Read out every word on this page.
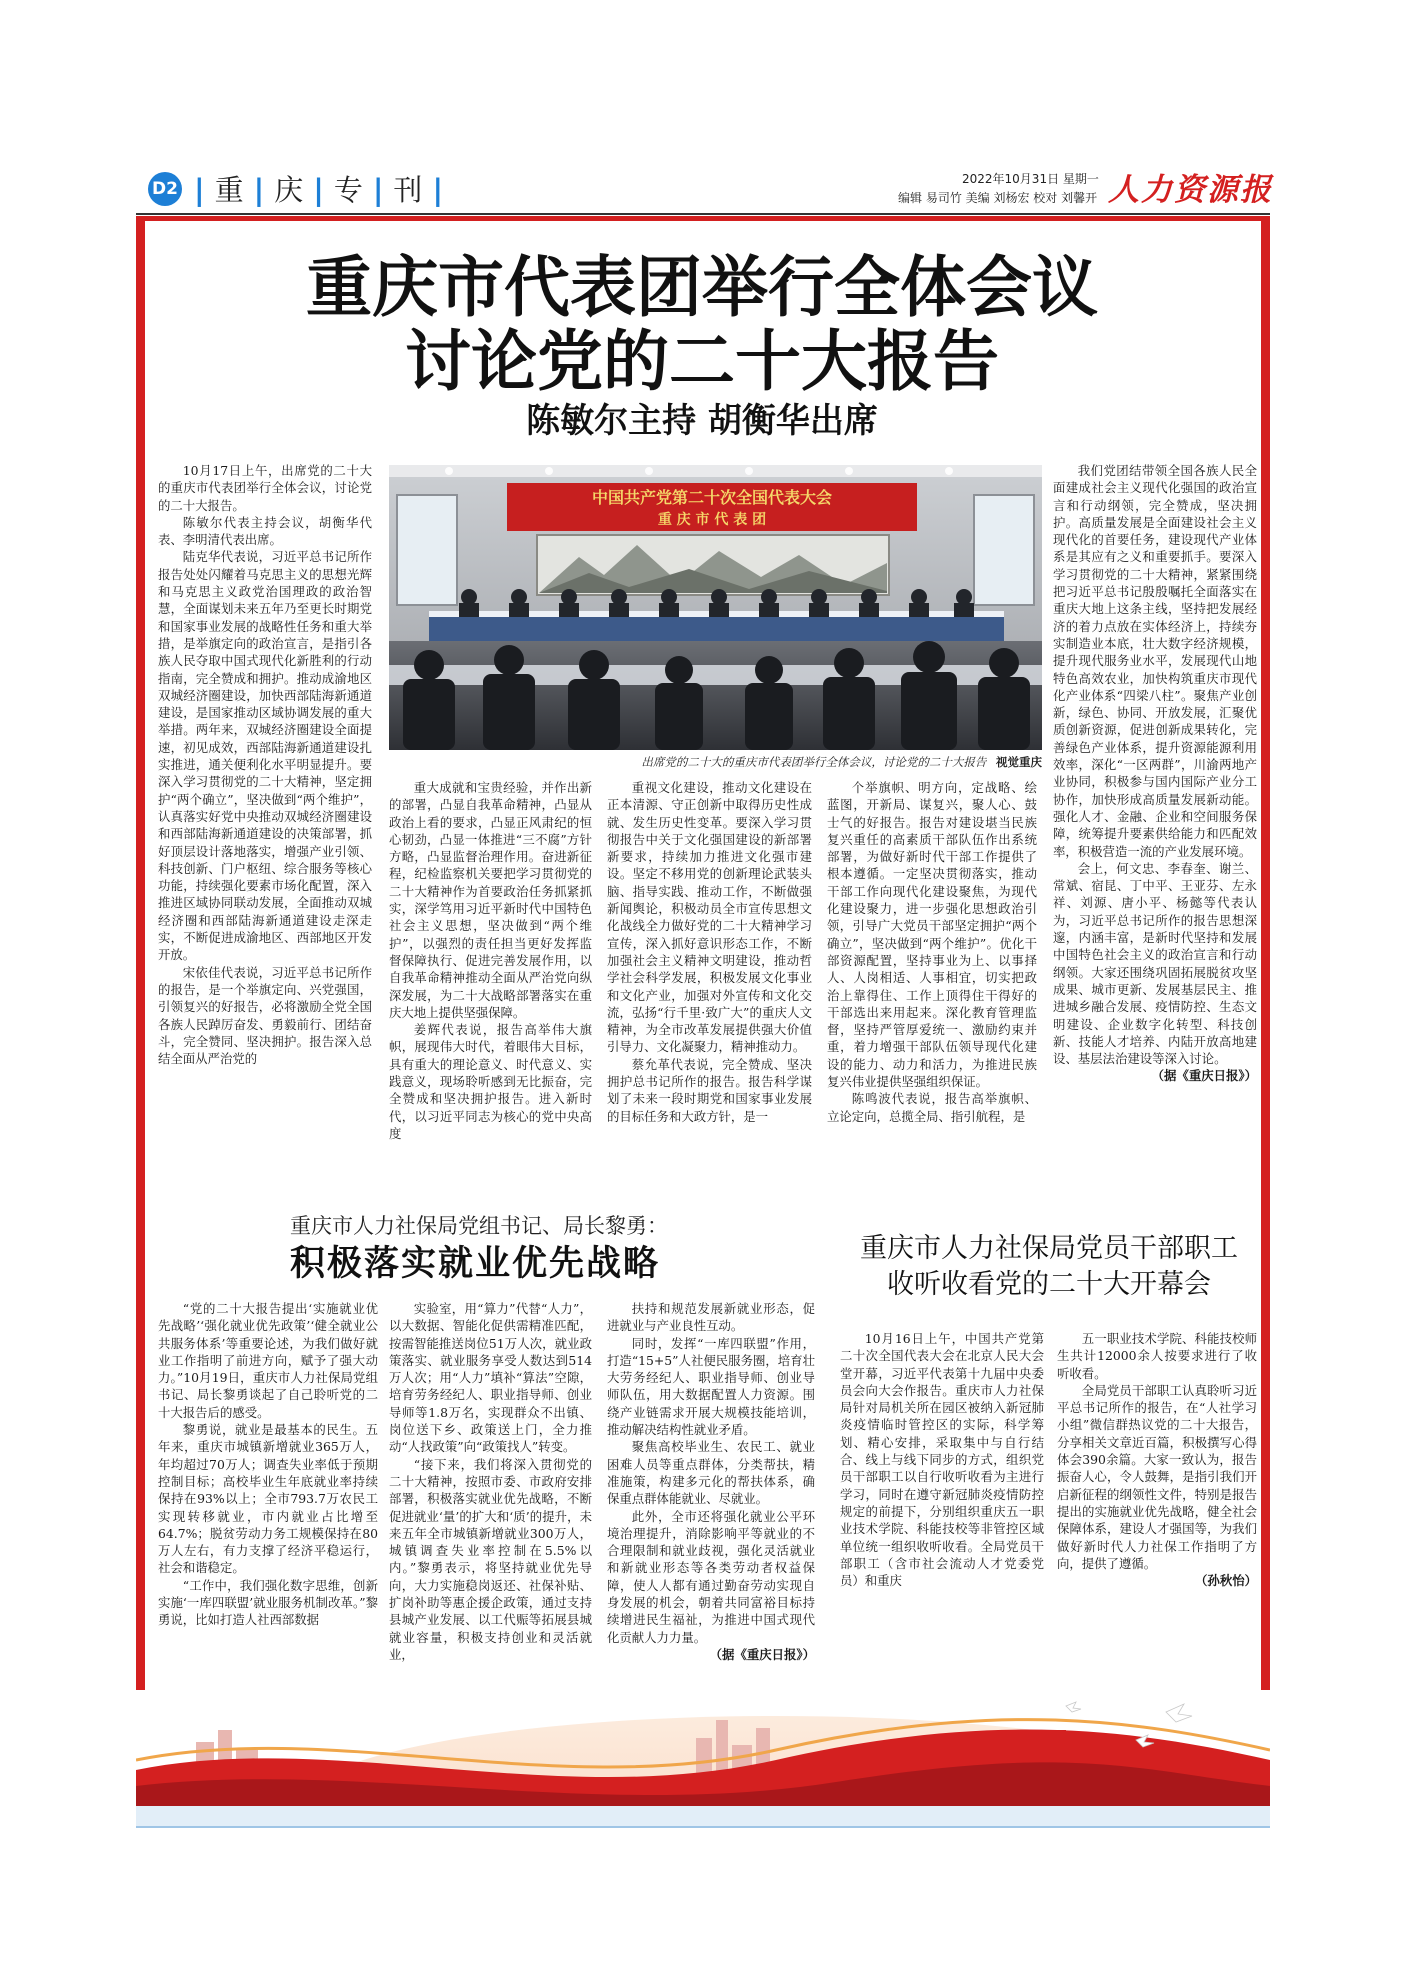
D2 | 重 | 庆 | 专 | 刊 |	2022年10月31日 星期一
编辑 易司竹 美编 刘杨宏 校对 刘馨开 人力资源报
重庆市代表团举行全体会议
讨论党的二十大报告
陈敏尔主持 胡衡华出席

10月17日上午，出席党的二十大的重庆市代表团举行全体会议，讨论党的二十大报告。

陈敏尔代表主持会议，胡衡华代表、李明清代表出席。

陆克华代表说，习近平总书记所作报告处处闪耀着马克思主义的思想光辉和马克思主义政党治国理政的政治智慧，全面谋划未来五年乃至更长时期党和国家事业发展的战略性任务和重大举措，是举旗定向的政治宣言，是指引各族人民夺取中国式现代化新胜利的行动指南，完全赞成和拥护。推动成渝地区双城经济圈建设，加快西部陆海新通道建设，是国家推动区域协调发展的重大举措。两年来，双城经济圈建设全面提速，初见成效，西部陆海新通道建设扎实推进，通关便利化水平明显提升。要深入学习贯彻党的二十大精神，坚定拥护“两个确立”，坚决做到“两个维护”，认真落实好党中央推动双城经济圈建设和西部陆海新通道建设的决策部署，抓好顶层设计落地落实，增强产业引领、科技创新、门户枢纽、综合服务等核心功能，持续强化要素市场化配置，深入推进区域协同联动发展，全面推动双城经济圈和西部陆海新通道建设走深走实，不断促进成渝地区、西部地区开发开放。

宋依佳代表说，习近平总书记所作的报告，是一个举旗定向、兴党强国，引领复兴的好报告，必将激励全党全国各族人民踔厉奋发、勇毅前行、团结奋斗，完全赞同、坚决拥护。报告深入总结全面从严治党的

中国共产党第二十次全国代表大会
重 庆 市 代 表 团
出席党的二十大的重庆市代表团举行全体会议，讨论党的二十大报告 视觉重庆

重大成就和宝贵经验，并作出新的部署，凸显自我革命精神，凸显从政治上看的要求，凸显正风肃纪的恒心韧劲，凸显一体推进“三不腐”方针方略，凸显监督治理作用。奋进新征程，纪检监察机关要把学习贯彻党的二十大精神作为首要政治任务抓紧抓实，深学笃用习近平新时代中国特色社会主义思想，坚决做到“两个维护”，以强烈的责任担当更好发挥监督保障执行、促进完善发展作用，以自我革命精神推动全面从严治党向纵深发展，为二十大战略部署落实在重庆大地上提供坚强保障。

姜辉代表说，报告高举伟大旗帜，展现伟大时代，着眼伟大目标，具有重大的理论意义、时代意义、实践意义，现场聆听感到无比振奋，完全赞成和坚决拥护报告。进入新时代，以习近平同志为核心的党中央高度

重视文化建设，推动文化建设在正本清源、守正创新中取得历史性成就、发生历史性变革。要深入学习贯彻报告中关于文化强国建设的新部署新要求，持续加力推进文化强市建设。坚定不移用党的创新理论武装头脑、指导实践、推动工作，不断做强新闻舆论，积极动员全市宣传思想文化战线全力做好党的二十大精神学习宣传，深入抓好意识形态工作，不断加强社会主义精神文明建设，推动哲学社会科学发展，积极发展文化事业和文化产业，加强对外宣传和文化交流，弘扬“行千里·致广大”的重庆人文精神，为全市改革发展提供强大价值引导力、文化凝聚力，精神推动力。

蔡允革代表说，完全赞成、坚决拥护总书记所作的报告。报告科学谋划了未来一段时期党和国家事业发展的目标任务和大政方针，是一

个举旗帜、明方向，定战略、绘蓝图，开新局、谋复兴，聚人心、鼓士气的好报告。报告对建设堪当民族复兴重任的高素质干部队伍作出系统部署，为做好新时代干部工作提供了根本遵循。一定坚决贯彻落实，推动干部工作向现代化建设聚焦，为现代化建设聚力，进一步强化思想政治引领，引导广大党员干部坚定拥护“两个确立”，坚决做到“两个维护”。优化干部资源配置，坚持事业为上、以事择人、人岗相适、人事相宜，切实把政治上靠得住、工作上顶得住干得好的干部选出来用起来。深化教育管理监督，坚持严管厚爱统一、激励约束并重，着力增强干部队伍领导现代化建设的能力、动力和活力，为推进民族复兴伟业提供坚强组织保证。

陈鸣波代表说，报告高举旗帜、立论定向，总揽全局、指引航程，是

我们党团结带领全国各族人民全面建成社会主义现代化强国的政治宣言和行动纲领，完全赞成，坚决拥护。高质量发展是全面建设社会主义现代化的首要任务，建设现代产业体系是其应有之义和重要抓手。要深入学习贯彻党的二十大精神，紧紧围绕把习近平总书记殷殷嘱托全面落实在重庆大地上这条主线，坚持把发展经济的着力点放在实体经济上，持续夯实制造业本底，壮大数字经济规模，提升现代服务业水平，发展现代山地特色高效农业，加快构筑重庆市现代化产业体系“四梁八柱”。聚焦产业创新，绿色、协同、开放发展，汇聚优质创新资源，促进创新成果转化，完善绿色产业体系，提升资源能源利用效率，深化“一区两群”，川渝两地产业协同，积极参与国内国际产业分工协作，加快形成高质量发展新动能。强化人才、金融、企业和空间服务保障，统筹提升要素供给能力和匹配效率，积极营造一流的产业发展环境。

会上，何文忠、李春奎、谢兰、常斌、宿昆、丁中平、王亚芬、左永祥、刘源、唐小平、杨懿等代表认为，习近平总书记所作的报告思想深邃，内涵丰富，是新时代坚持和发展中国特色社会主义的政治宣言和行动纲领。大家还围绕巩固拓展脱贫攻坚成果、城市更新、发展基层民主、推进城乡融合发展、疫情防控、生态文明建设、企业数字化转型、科技创新、技能人才培养、内陆开放高地建设、基层法治建设等深入讨论。

（据《重庆日报》）
重庆市人力社保局党组书记、局长黎勇：
积极落实就业优先战略

“党的二十大报告提出‘实施就业优先战略’‘强化就业优先政策’‘健全就业公共服务体系’等重要论述，为我们做好就业工作指明了前进方向，赋予了强大动力。”10月19日，重庆市人力社保局党组书记、局长黎勇谈起了自己聆听党的二十大报告后的感受。

黎勇说，就业是最基本的民生。五年来，重庆市城镇新增就业365万人，年均超过70万人；调查失业率低于预期控制目标；高校毕业生年底就业率持续保持在93%以上；全市793.7万农民工实现转移就业，市内就业占比增至64.7%；脱贫劳动力务工规模保持在80万人左右，有力支撑了经济平稳运行，社会和谐稳定。

“工作中，我们强化数字思维，创新实施‘一库四联盟’就业服务机制改革。”黎勇说，比如打造人社西部数据

实验室，用“算力”代替“人力”，以大数据、智能化促供需精准匹配，按需智能推送岗位51万人次，就业政策落实、就业服务享受人数达到514万人次；用“人力”填补“算法”空隙，培育劳务经纪人、职业指导师、创业导师等1.8万名，实现群众不出镇、岗位送下乡、政策送上门，全力推动“人找政策”向“政策找人”转变。

“接下来，我们将深入贯彻党的二十大精神，按照市委、市政府安排部署，积极落实就业优先战略，不断促进就业‘量’的扩大和‘质’的提升，未来五年全市城镇新增就业300万人，城镇调查失业率控制在5.5%以内。”黎勇表示，将坚持就业优先导向，大力实施稳岗返还、社保补贴、扩岗补助等惠企援企政策，通过支持县城产业发展、以工代赈等拓展县城就业容量，积极支持创业和灵活就业，

扶持和规范发展新就业形态，促进就业与产业良性互动。

同时，发挥“一库四联盟”作用，打造“15+5”人社便民服务圈，培育壮大劳务经纪人、职业指导师、创业导师队伍，用大数据配置人力资源。围绕产业链需求开展大规模技能培训，推动解决结构性就业矛盾。

聚焦高校毕业生、农民工、就业困难人员等重点群体，分类帮扶，精准施策，构建多元化的帮扶体系，确保重点群体能就业、尽就业。

此外，全市还将强化就业公平环境治理提升，消除影响平等就业的不合理限制和就业歧视，强化灵活就业和新就业形态等各类劳动者权益保障，使人人都有通过勤奋劳动实现自身发展的机会，朝着共同富裕目标持续增进民生福祉，为推进中国式现代化贡献人力力量。

（据《重庆日报》）
重庆市人力社保局党员干部职工
收听收看党的二十大开幕会

10月16日上午，中国共产党第二十次全国代表大会在北京人民大会堂开幕，习近平代表第十九届中央委员会向大会作报告。重庆市人力社保局针对局机关所在园区被纳入新冠肺炎疫情临时管控区的实际，科学筹划、精心安排，采取集中与自行结合、线上与线下同步的方式，组织党员干部职工以自行收听收看为主进行学习，同时在遵守新冠肺炎疫情防控规定的前提下，分别组织重庆五一职业技术学院、科能技校等非管控区域单位统一组织收听收看。全局党员干部职工（含市社会流动人才党委党员）和重庆

五一职业技术学院、科能技校师生共计12000余人按要求进行了收听收看。

全局党员干部职工认真聆听习近平总书记所作的报告，在“人社学习小组”微信群热议党的二十大报告，分享相关文章近百篇，积极撰写心得体会390余篇。大家一致认为，报告振奋人心，令人鼓舞，是指引我们开启新征程的纲领性文件，特别是报告提出的实施就业优先战略，健全社会保障体系，建设人才强国等，为我们做好新时代人力社保工作指明了方向，提供了遵循。

（孙秋怡）
